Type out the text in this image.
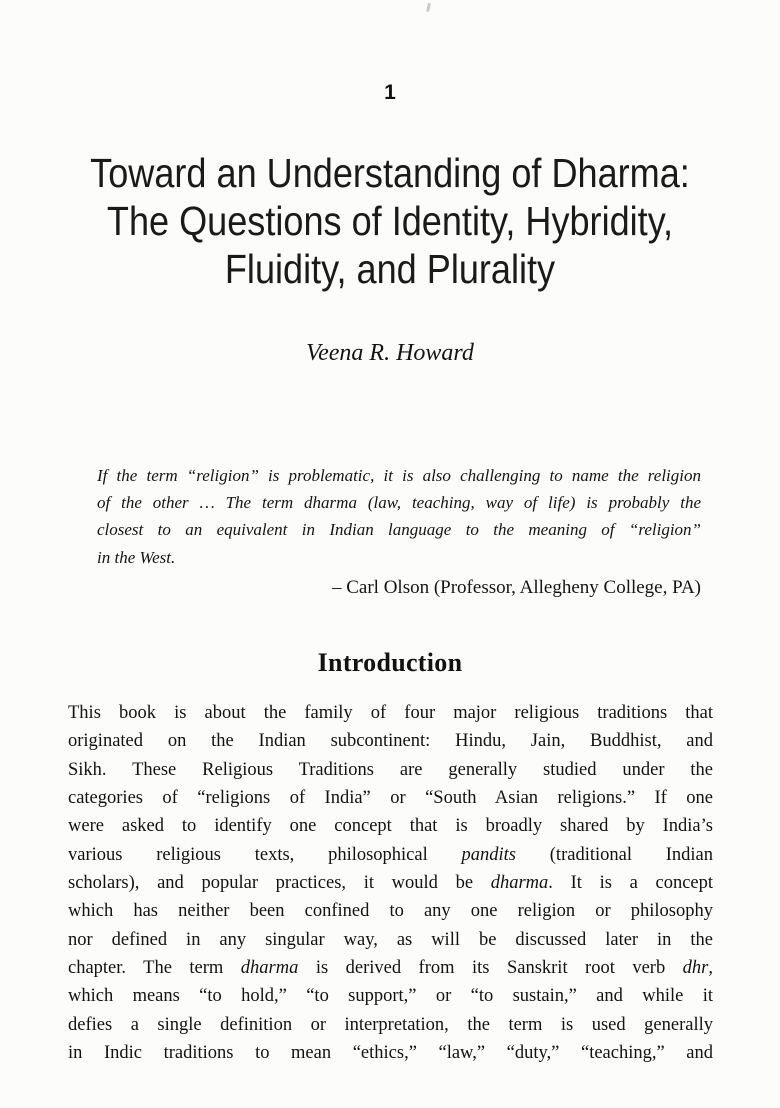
1
Toward an Understanding of Dharma:
The Questions of Identity, Hybridity,
Fluidity, and Plurality
Veena R. Howard
If the term “religion” is problematic, it is also challenging to name the religion
of the other … The term dharma (law, teaching, way of life) is probably the
closest to an equivalent in Indian language to the meaning of “religion”
in the West.
– Carl Olson (Professor, Allegheny College, PA)
Introduction
This book is about the family of four major religious traditions that
originated on the Indian subcontinent: Hindu, Jain, Buddhist, and
Sikh. These Religious Traditions are generally studied under the
categories of “religions of India” or “South Asian religions.” If one
were asked to identify one concept that is broadly shared by India’s
various religious texts, philosophical pandits (traditional Indian
scholars), and popular practices, it would be dharma. It is a concept
which has neither been confined to any one religion or philosophy
nor defined in any singular way, as will be discussed later in the
chapter. The term dharma is derived from its Sanskrit root verb dhr,
which means “to hold,” “to support,” or “to sustain,” and while it
defies a single definition or interpretation, the term is used generally
in Indic traditions to mean “ethics,” “law,” “duty,” “teaching,” and
